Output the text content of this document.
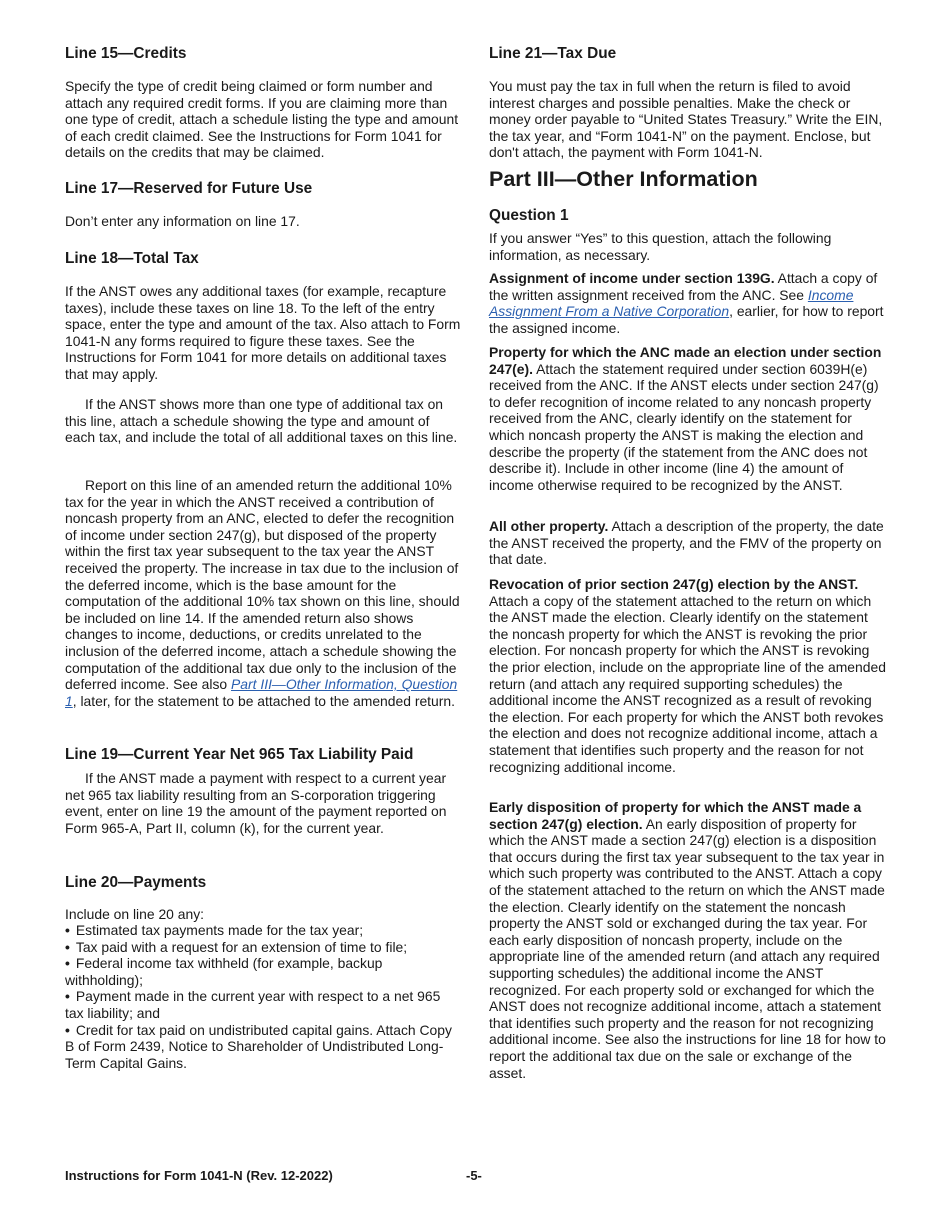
Line 15—Credits

Specify the type of credit being claimed or form number and attach any required credit forms. If you are claiming more than one type of credit, attach a schedule listing the type and amount of each credit claimed. See the Instructions for Form 1041 for details on the credits that may be claimed.

Line 17—Reserved for Future Use

Don’t enter any information on line 17.

Line 18—Total Tax

If the ANST owes any additional taxes (for example, recapture taxes), include these taxes on line 18. To the left of the entry space, enter the type and amount of the tax. Also attach to Form 1041-N any forms required to figure these taxes. See the Instructions for Form 1041 for more details on additional taxes that may apply.

If the ANST shows more than one type of additional tax on this line, attach a schedule showing the type and amount of each tax, and include the total of all additional taxes on this line.

Report on this line of an amended return the additional 10% tax for the year in which the ANST received a contribution of noncash property from an ANC, elected to defer the recognition of income under section 247(g), but disposed of the property within the first tax year subsequent to the tax year the ANST received the property. The increase in tax due to the inclusion of the deferred income, which is the base amount for the computation of the additional 10% tax shown on this line, should be included on line 14. If the amended return also shows changes to income, deductions, or credits unrelated to the inclusion of the deferred income, attach a schedule showing the computation of the additional tax due only to the inclusion of the deferred income. See also Part III—Other Information, Question 1, later, for the statement to be attached to the amended return.

Line 19—Current Year Net 965 Tax Liability Paid

If the ANST made a payment with respect to a current year net 965 tax liability resulting from an S-corporation triggering event, enter on line 19 the amount of the payment reported on Form 965-A, Part II, column (k), for the current year.

Line 20—Payments

Include on line 20 any:

• Estimated tax payments made for the tax year;
• Tax paid with a request for an extension of time to file;
• Federal income tax withheld (for example, backup withholding);
• Payment made in the current year with respect to a net 965 tax liability; and
• Credit for tax paid on undistributed capital gains. Attach Copy B of Form 2439, Notice to Shareholder of Undistributed Long-Term Capital Gains.
Line 21—Tax Due

You must pay the tax in full when the return is filed to avoid interest charges and possible penalties. Make the check or money order payable to “United States Treasury.” Write the EIN, the tax year, and “Form 1041-N” on the payment. Enclose, but don't attach, the payment with Form 1041-N.

Part III—Other Information
Question 1

If you answer “Yes” to this question, attach the following information, as necessary.

Assignment of income under section 139G. Attach a copy of the written assignment received from the ANC. See Income Assignment From a Native Corporation, earlier, for how to report the assigned income.

Property for which the ANC made an election under section 247(e). Attach the statement required under section 6039H(e) received from the ANC. If the ANST elects under section 247(g) to defer recognition of income related to any noncash property received from the ANC, clearly identify on the statement for which noncash property the ANST is making the election and describe the property (if the statement from the ANC does not describe it). Include in other income (line 4) the amount of income otherwise required to be recognized by the ANST.

All other property. Attach a description of the property, the date the ANST received the property, and the FMV of the property on that date.

Revocation of prior section 247(g) election by the ANST. Attach a copy of the statement attached to the return on which the ANST made the election. Clearly identify on the statement the noncash property for which the ANST is revoking the prior election. For noncash property for which the ANST is revoking the prior election, include on the appropriate line of the amended return (and attach any required supporting schedules) the additional income the ANST recognized as a result of revoking the election. For each property for which the ANST both revokes the election and does not recognize additional income, attach a statement that identifies such property and the reason for not recognizing additional income.

Early disposition of property for which the ANST made a section 247(g) election. An early disposition of property for which the ANST made a section 247(g) election is a disposition that occurs during the first tax year subsequent to the tax year in which such property was contributed to the ANST. Attach a copy of the statement attached to the return on which the ANST made the election. Clearly identify on the statement the noncash property the ANST sold or exchanged during the tax year. For each early disposition of noncash property, include on the appropriate line of the amended return (and attach any required supporting schedules) the additional income the ANST recognized. For each property sold or exchanged for which the ANST does not recognize additional income, attach a statement that identifies such property and the reason for not recognizing additional income. See also the instructions for line 18 for how to report the additional tax due on the sale or exchange of the asset.

Instructions for Form 1041-N (Rev. 12-2022)	-5-
